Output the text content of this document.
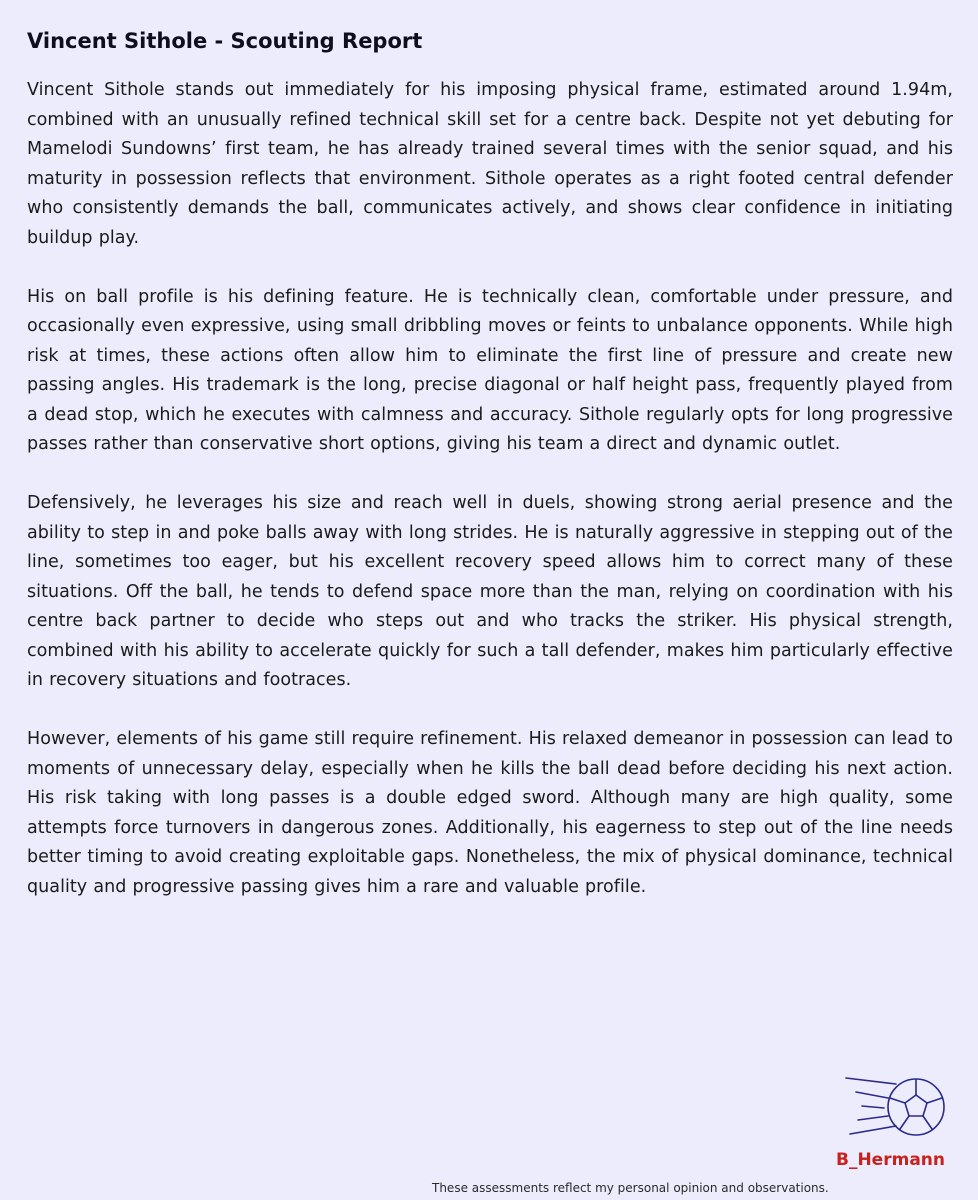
Vincent Sithole - Scouting Report

Vincent Sithole stands out immediately for his imposing physical frame, estimated around 1.94m, combined with an unusually refined technical skill set for a centre back. Despite not yet debuting for Mamelodi Sundowns’ first team, he has already trained several times with the senior squad, and his maturity in possession reflects that environment. Sithole operates as a right footed central defender who consistently demands the ball, communicates actively, and shows clear confidence in initiating buildup play.

His on ball profile is his defining feature. He is technically clean, comfortable under pressure, and occasionally even expressive, using small dribbling moves or feints to unbalance opponents. While high risk at times, these actions often allow him to eliminate the first line of pressure and create new passing angles. His trademark is the long, precise diagonal or half height pass, frequently played from a dead stop, which he executes with calmness and accuracy. Sithole regularly opts for long progressive passes rather than conservative short options, giving his team a direct and dynamic outlet.

Defensively, he leverages his size and reach well in duels, showing strong aerial presence and the ability to step in and poke balls away with long strides. He is naturally aggressive in stepping out of the line, sometimes too eager, but his excellent recovery speed allows him to correct many of these situations. Off the ball, he tends to defend space more than the man, relying on coordination with his centre back partner to decide who steps out and who tracks the striker. His physical strength, combined with his ability to accelerate quickly for such a tall defender, makes him particularly effective in recovery situations and footraces.

However, elements of his game still require refinement. His relaxed demeanor in possession can lead to moments of unnecessary delay, especially when he kills the ball dead before deciding his next action. His risk taking with long passes is a double edged sword. Although many are high quality, some attempts force turnovers in dangerous zones. Additionally, his eagerness to step out of the line needs better timing to avoid creating exploitable gaps. Nonetheless, the mix of physical dominance, technical quality and progressive passing gives him a rare and valuable profile.

B_Hermann
These assessments reflect my personal opinion and observations.
